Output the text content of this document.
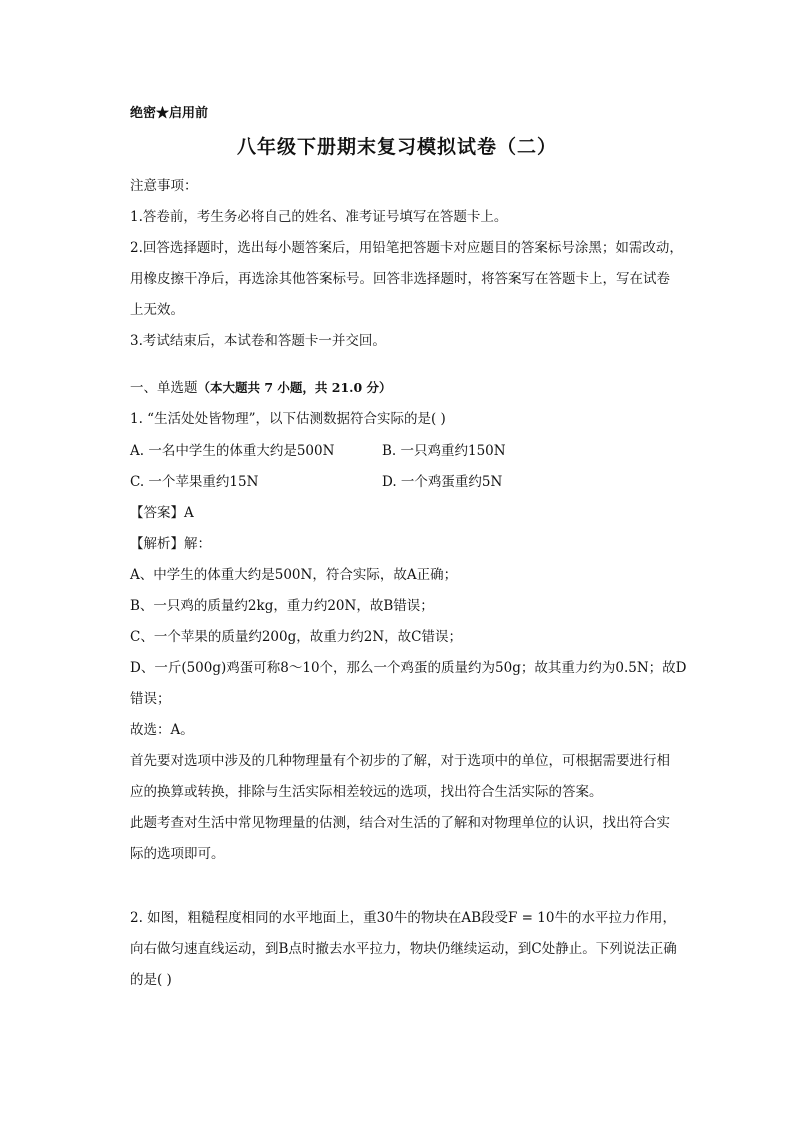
绝密★启用前
八年级下册期末复习模拟试卷（二）
注意事项：
1.答卷前，考生务必将自己的姓名、准考证号填写在答题卡上。
2.回答选择题时，选出每小题答案后，用铅笔把答题卡对应题目的答案标号涂黑；如需改动，
用橡皮擦干净后，再选涂其他答案标号。回答非选择题时，将答案写在答题卡上，写在试卷
上无效。
3.考试结束后，本试卷和答题卡一并交回。
一、单选题（本大题共 7 小题，共 21.0 分）
1. “生活处处皆物理”，以下估测数据符合实际的是( )
A. 一名中学生的体重大约是500N	B. 一只鸡重约150N
C. 一个苹果重约15N	D. 一个鸡蛋重约5N
【答案】A
【解析】解：
A、中学生的体重大约是500N，符合实际，故A正确；
B、一只鸡的质量约2kg，重力约20N，故B错误；
C、一个苹果的质量约200g，故重力约2N，故C错误；
D、一斤(500g)鸡蛋可称8～10个，那么一个鸡蛋的质量约为50g；故其重力约为0.5N；故D
错误；
故选：A。
首先要对选项中涉及的几种物理量有个初步的了解，对于选项中的单位，可根据需要进行相
应的换算或转换，排除与生活实际相差较远的选项，找出符合生活实际的答案。
此题考查对生活中常见物理量的估测，结合对生活的了解和对物理单位的认识，找出符合实
际的选项即可。
2. 如图，粗糙程度相同的水平地面上，重30牛的物块在AB段受F = 10牛的水平拉力作用，
向右做匀速直线运动，到B点时撤去水平拉力，物块仍继续运动，到C处静止。下列说法正确
的是( )
